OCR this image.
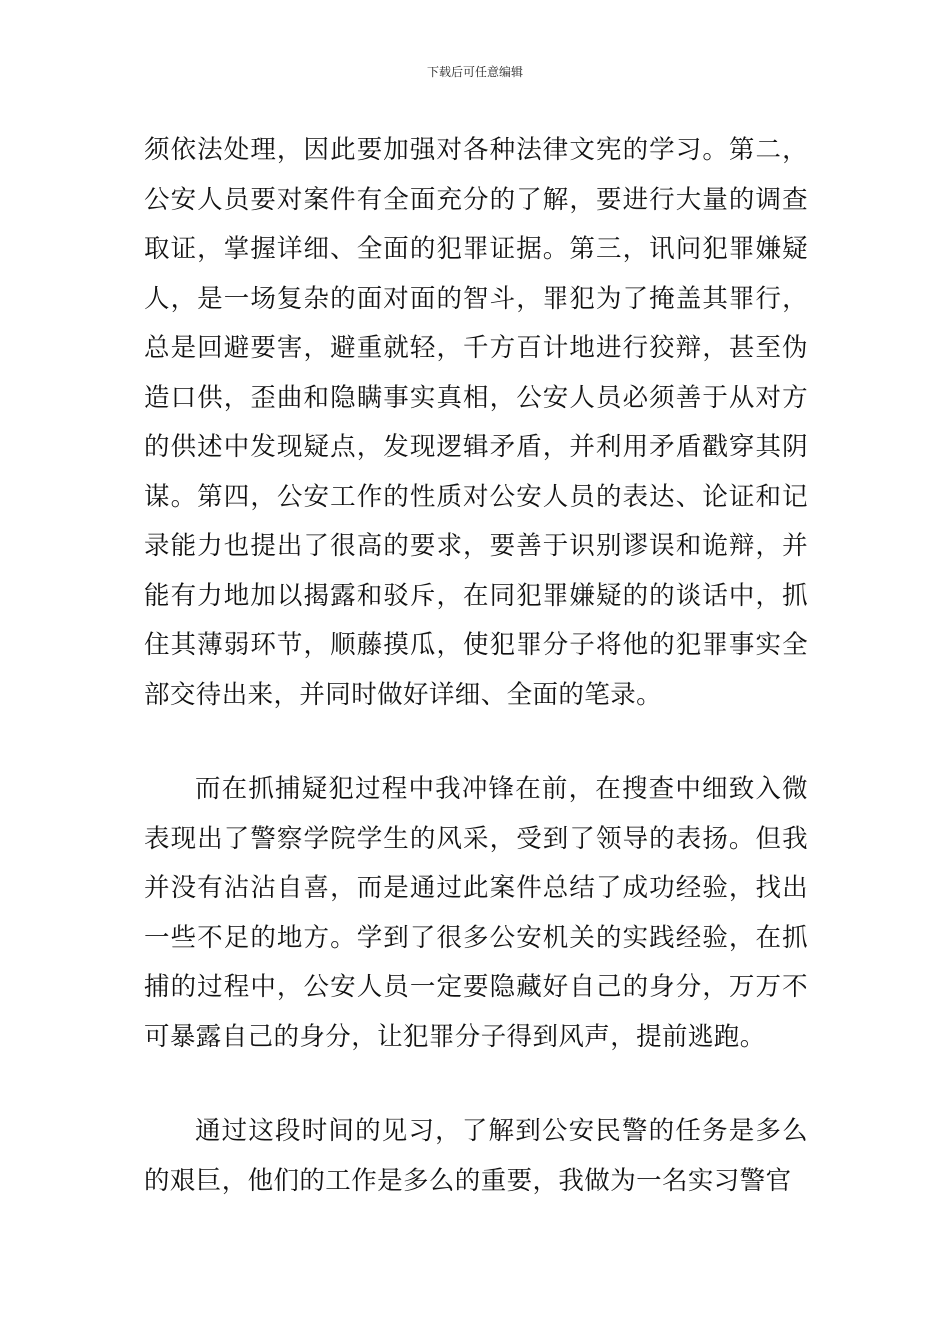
下载后可任意编辑

须依法处理，因此要加强对各种法律文宪的学习。第二，公安人员要对案件有全面充分的了解，要进行大量的调查取证，掌握详细、全面的犯罪证据。第三，讯问犯罪嫌疑人，是一场复杂的面对面的智斗，罪犯为了掩盖其罪行，总是回避要害，避重就轻，千方百计地进行狡辩，甚至伪造口供，歪曲和隐瞒事实真相，公安人员必须善于从对方的供述中发现疑点，发现逻辑矛盾，并利用矛盾戳穿其阴谋。第四，公安工作的性质对公安人员的表达、论证和记录能力也提出了很高的要求，要善于识别谬误和诡辩，并能有力地加以揭露和驳斥，在同犯罪嫌疑的的谈话中，抓住其薄弱环节，顺藤摸瓜，使犯罪分子将他的犯罪事实全部交待出来，并同时做好详细、全面的笔录。

而在抓捕疑犯过程中我冲锋在前，在搜查中细致入微表现出了警察学院学生的风采，受到了领导的表扬。但我并没有沾沾自喜，而是通过此案件总结了成功经验，找出一些不足的地方。学到了很多公安机关的实践经验，在抓捕的过程中，公安人员一定要隐藏好自己的身分，万万不可暴露自己的身分，让犯罪分子得到风声，提前逃跑。

通过这段时间的见习，了解到公安民警的任务是多么的艰巨，他们的工作是多么的重要，我做为一名实习警官
